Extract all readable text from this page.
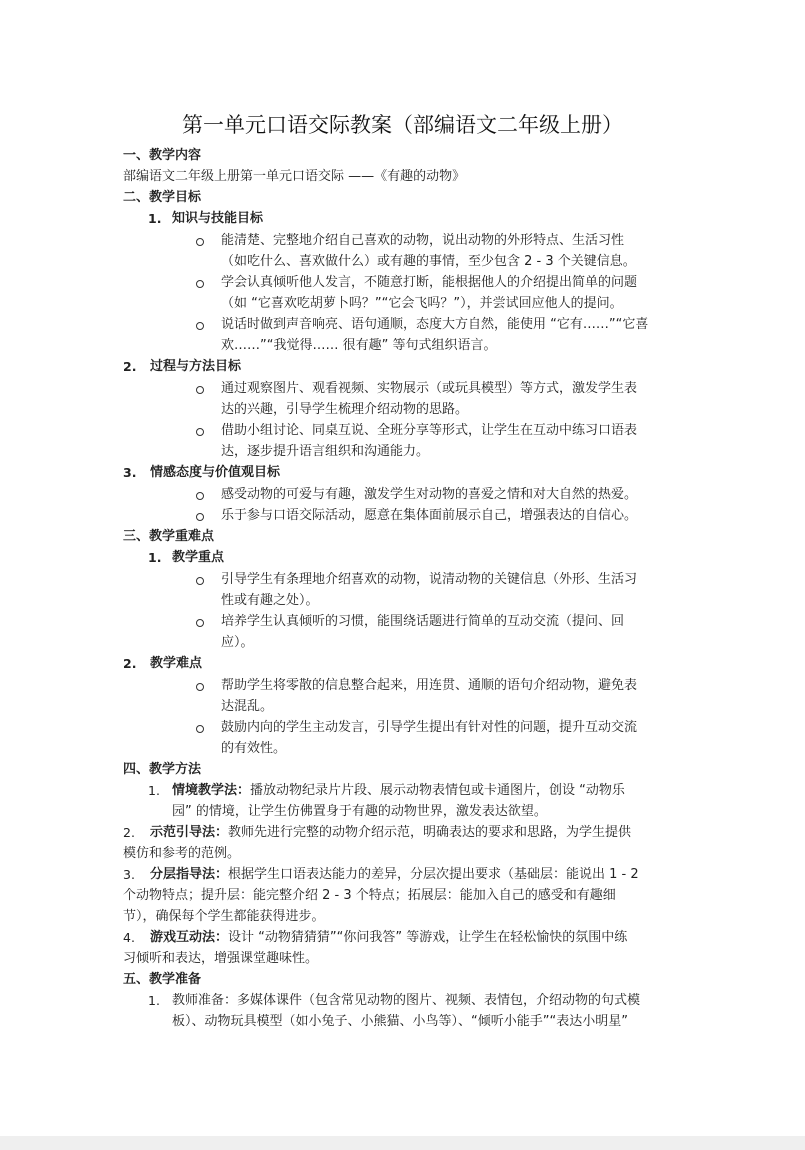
第一单元口语交际教案（部编语文二年级上册）
一、教学内容
部编语文二年级上册第一单元口语交际 ——《有趣的动物》
二、教学目标
1. 知识与技能目标
能清楚、完整地介绍自己喜欢的动物，说出动物的外形特点、生活习性
（如吃什么、喜欢做什么）或有趣的事情，至少包含 2 - 3 个关键信息。
学会认真倾听他人发言，不随意打断，能根据他人的介绍提出简单的问题
（如 “它喜欢吃胡萝卜吗？”“它会飞吗？”），并尝试回应他人的提问。
说话时做到声音响亮、语句通顺，态度大方自然，能使用 “它有……”“它喜
欢……”“我觉得…… 很有趣” 等句式组织语言。
2. 过程与方法目标
通过观察图片、观看视频、实物展示（或玩具模型）等方式，激发学生表
达的兴趣，引导学生梳理介绍动物的思路。
借助小组讨论、同桌互说、全班分享等形式，让学生在互动中练习口语表
达，逐步提升语言组织和沟通能力。
3. 情感态度与价值观目标
感受动物的可爱与有趣，激发学生对动物的喜爱之情和对大自然的热爱。
乐于参与口语交际活动，愿意在集体面前展示自己，增强表达的自信心。
三、教学重难点
1. 教学重点
引导学生有条理地介绍喜欢的动物，说清动物的关键信息（外形、生活习
性或有趣之处）。
培养学生认真倾听的习惯，能围绕话题进行简单的互动交流（提问、回
应）。
2. 教学难点
帮助学生将零散的信息整合起来，用连贯、通顺的语句介绍动物，避免表
达混乱。
鼓励内向的学生主动发言，引导学生提出有针对性的问题，提升互动交流
的有效性。
四、教学方法
1. 情境教学法：播放动物纪录片片段、展示动物表情包或卡通图片，创设 “动物乐
园” 的情境，让学生仿佛置身于有趣的动物世界，激发表达欲望。
2. 示范引导法：教师先进行完整的动物介绍示范，明确表达的要求和思路，为学生提供
模仿和参考的范例。
3. 分层指导法：根据学生口语表达能力的差异，分层次提出要求（基础层：能说出 1 - 2
个动物特点；提升层：能完整介绍 2 - 3 个特点；拓展层：能加入自己的感受和有趣细
节），确保每个学生都能获得进步。
4. 游戏互动法：设计 “动物猜猜猜”“你问我答” 等游戏，让学生在轻松愉快的氛围中练
习倾听和表达，增强课堂趣味性。
五、教学准备
1. 教师准备：多媒体课件（包含常见动物的图片、视频、表情包，介绍动物的句式模
板）、动物玩具模型（如小兔子、小熊猫、小鸟等）、“倾听小能手”“表达小明星”
